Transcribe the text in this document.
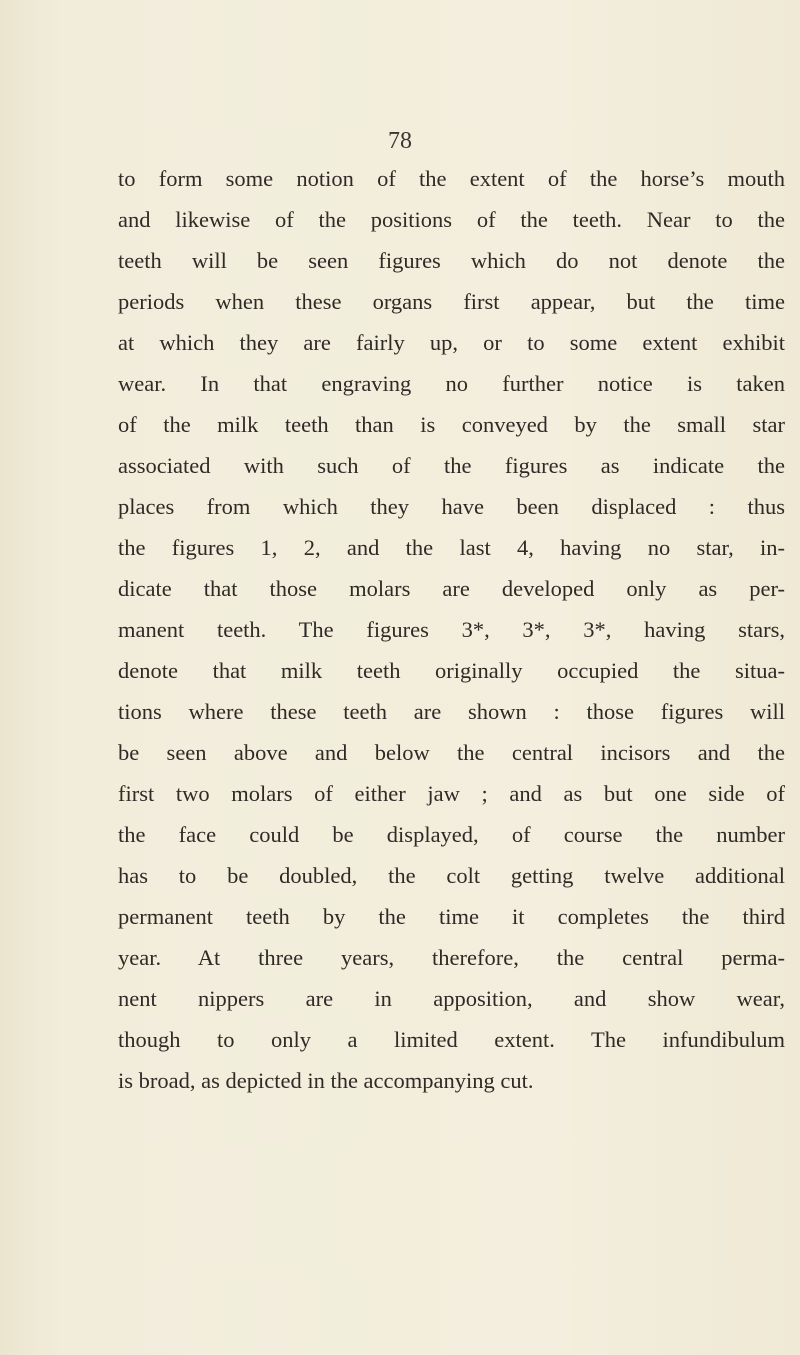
78
to form some notion of the extent of the horse’s mouth
and likewise of the positions of the teeth. Near to the
teeth will be seen figures which do not denote the
periods when these organs first appear, but the time
at which they are fairly up, or to some extent exhibit
wear. In that engraving no further notice is taken
of the milk teeth than is conveyed by the small star
associated with such of the figures as indicate the
places from which they have been displaced : thus
the figures 1, 2, and the last 4, having no star, in-
dicate that those molars are developed only as per-
manent teeth. The figures 3*, 3*, 3*, having stars,
denote that milk teeth originally occupied the situa-
tions where these teeth are shown : those figures will
be seen above and below the central incisors and the
first two molars of either jaw ; and as but one side of
the face could be displayed, of course the number
has to be doubled, the colt getting twelve additional
permanent teeth by the time it completes the third
year. At three years, therefore, the central perma-
nent nippers are in apposition, and show wear,
though to only a limited extent. The infundibulum
is broad, as depicted in the accompanying cut.
